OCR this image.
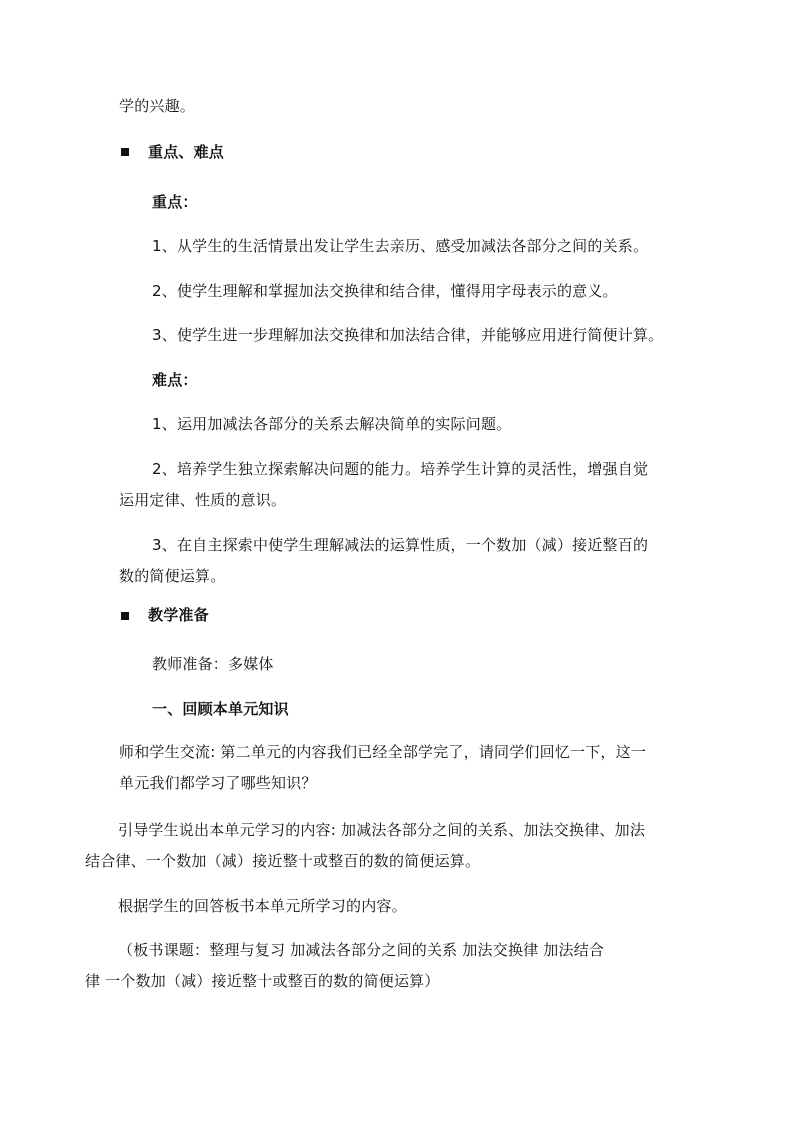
学的兴趣。
重点、难点
重点：
1、从学生的生活情景出发让学生去亲历、感受加减法各部分之间的关系。
2、使学生理解和掌握加法交换律和结合律，懂得用字母表示的意义。
3、使学生进一步理解加法交换律和加法结合律，并能够应用进行简便计算。
难点：
1、运用加减法各部分的关系去解决简单的实际问题。
2、培养学生独立探索解决问题的能力。培养学生计算的灵活性，增强自觉
运用定律、性质的意识。
3、在自主探索中使学生理解减法的运算性质，一个数加（减）接近整百的
数的简便运算。
教学准备
教师准备：多媒体
一、回顾本单元知识
师和学生交流: 第二单元的内容我们已经全部学完了，请同学们回忆一下，这一
单元我们都学习了哪些知识？
引导学生说出本单元学习的内容: 加减法各部分之间的关系、加法交换律、加法
结合律、一个数加（减）接近整十或整百的数的简便运算。
根据学生的回答板书本单元所学习的内容。
（板书课题：整理与复习 加减法各部分之间的关系 加法交换律 加法结合
律 一个数加（减）接近整十或整百的数的简便运算）
